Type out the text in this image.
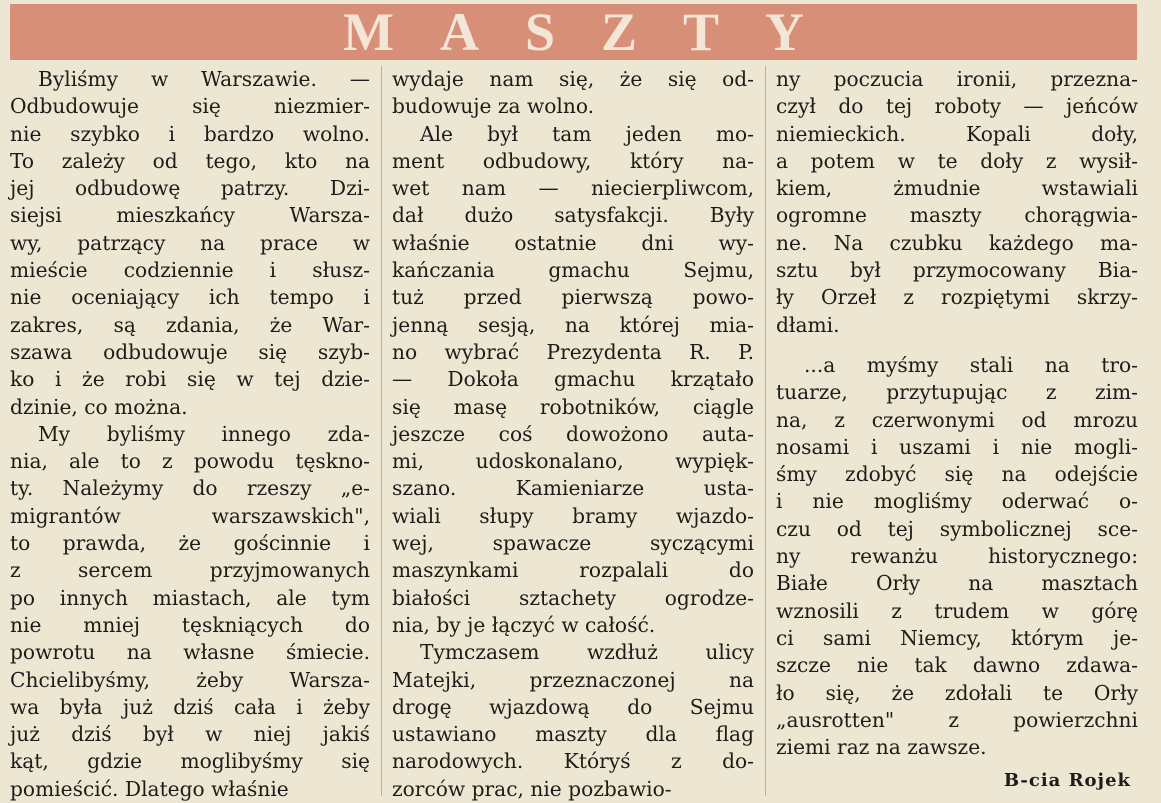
MASZTY

Byliśmy w Warszawie. —
Odbudowuje się niezmier-
nie szybko i bardzo wolno.
To zależy od tego, kto na
jej odbudowę patrzy. Dzi-
siejsi mieszkańcy Warsza-
wy, patrzący na prace w
mieście codziennie i słusz-
nie oceniający ich tempo i
zakres, są zdania, że War-
szawa odbudowuje się szyb-
ko i że robi się w tej dzie-
dzinie, co można.

My byliśmy innego zda-
nia, ale to z powodu tęskno-
ty. Należymy do rzeszy „e-
migrantów warszawskich",
to prawda, że gościnnie i
z sercem przyjmowanych
po innych miastach, ale tym
nie mniej tęskniących do
powrotu na własne śmiecie.
Chcielibyśmy, żeby Warsza-
wa była już dziś cała i żeby
już dziś był w niej jakiś
kąt, gdzie moglibyśmy się
pomieścić. Dlatego właśnie

wydaje nam się, że się od-
budowuje za wolno.

Ale był tam jeden mo-
ment odbudowy, który na-
wet nam — niecierpliwcom,
dał dużo satysfakcji. Były
właśnie ostatnie dni wy-
kańczania gmachu Sejmu,
tuż przed pierwszą powo-
jenną sesją, na której mia-
no wybrać Prezydenta R. P.
— Dokoła gmachu krzątało
się masę robotników, ciągle
jeszcze coś dowożono auta-
mi, udoskonalano, wypięk-
szano. Kamieniarze usta-
wiali słupy bramy wjazdo-
wej, spawacze syczącymi
maszynkami rozpalali do
białości sztachety ogrodze-
nia, by je łączyć w całość.

Tymczasem wzdłuż ulicy
Matejki, przeznaczonej na
drogę wjazdową do Sejmu
ustawiano maszty dla flag
narodowych. Któryś z do-
zorców prac, nie pozbawio-

ny poczucia ironii, przezna-
czył do tej roboty — jeńców
niemieckich. Kopali doły,
a potem w te doły z wysił-
kiem, żmudnie wstawiali
ogromne maszty chorągwia-
ne. Na czubku każdego ma-
sztu był przymocowany Bia-
ły Orzeł z rozpiętymi skrzy-
dłami.

...a myśmy stali na tro-
tuarze, przytupując z zim-
na, z czerwonymi od mrozu
nosami i uszami i nie mogli-
śmy zdobyć się na odejście
i nie mogliśmy oderwać o-
czu od tej symbolicznej sce-
ny rewanżu historycznego:
Białe Orły na masztach
wznosili z trudem w górę
ci sami Niemcy, którym je-
szcze nie tak dawno zdawa-
ło się, że zdołali te Orły
„ausrotten" z powierzchni
ziemi raz na zawsze.

B-cia Rojek
